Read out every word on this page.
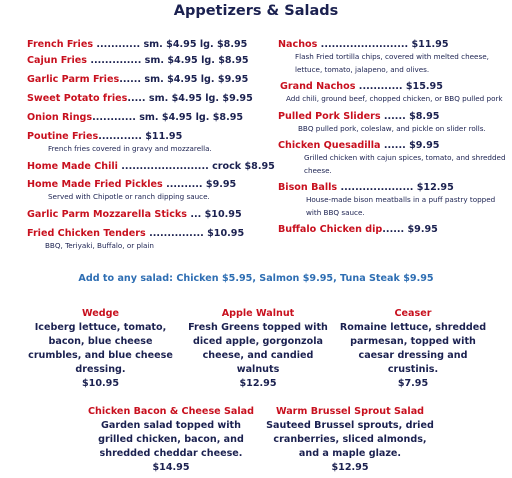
Appetizers & Salads
French Fries ............ sm. $4.95 lg. $8.95
Cajun Fries .............. sm. $4.95 lg. $8.95
Garlic Parm Fries...... sm. $4.95 lg. $9.95
Sweet Potato fries..... sm. $4.95 lg. $9.95
Onion Rings............ sm. $4.95 lg. $8.95
Poutine Fries............ $11.95
French fries covered in gravy and mozzarella.
Home Made Chili ........................ crock $8.95
Home Made Fried Pickles .......... $9.95
Served with Chipotle or ranch dipping sauce.
Garlic Parm Mozzarella Sticks ... $10.95
Fried Chicken Tenders ............... $10.95
BBQ, Teriyaki, Buffalo, or plain
Nachos ........................ $11.95
Flash Fried tortilla chips, covered with melted cheese, lettuce, tomato, jalapeno, and olives.
Grand Nachos ............ $15.95
Add chili, ground beef, chopped chicken, or BBQ pulled pork
Pulled Pork Sliders ...... $8.95
BBQ pulled pork, coleslaw, and pickle on slider rolls.
Chicken Quesadilla ...... $9.95
Grilled chicken with cajun spices, tomato, and shredded cheese.
Bison Balls .................... $12.95
House-made bison meatballs in a puff pastry topped with BBQ sauce.
Buffalo Chicken dip...... $9.95
Add to any salad: Chicken $5.95, Salmon $9.95, Tuna Steak $9.95
Wedge
Iceberg lettuce, tomato, bacon, blue cheese crumbles, and blue cheese dressing.
$10.95
Apple Walnut
Fresh Greens topped with diced apple, gorgonzola cheese, and candied walnuts
$12.95
Ceaser
Romaine lettuce, shredded parmesan, topped with caesar dressing and crustinis.
$7.95
Chicken Bacon & Cheese Salad
Garden salad topped with grilled chicken, bacon, and shredded cheddar cheese.
$14.95
Warm Brussel Sprout Salad
Sauteed Brussel sprouts, dried cranberries, sliced almonds, and a maple glaze.
$12.95
